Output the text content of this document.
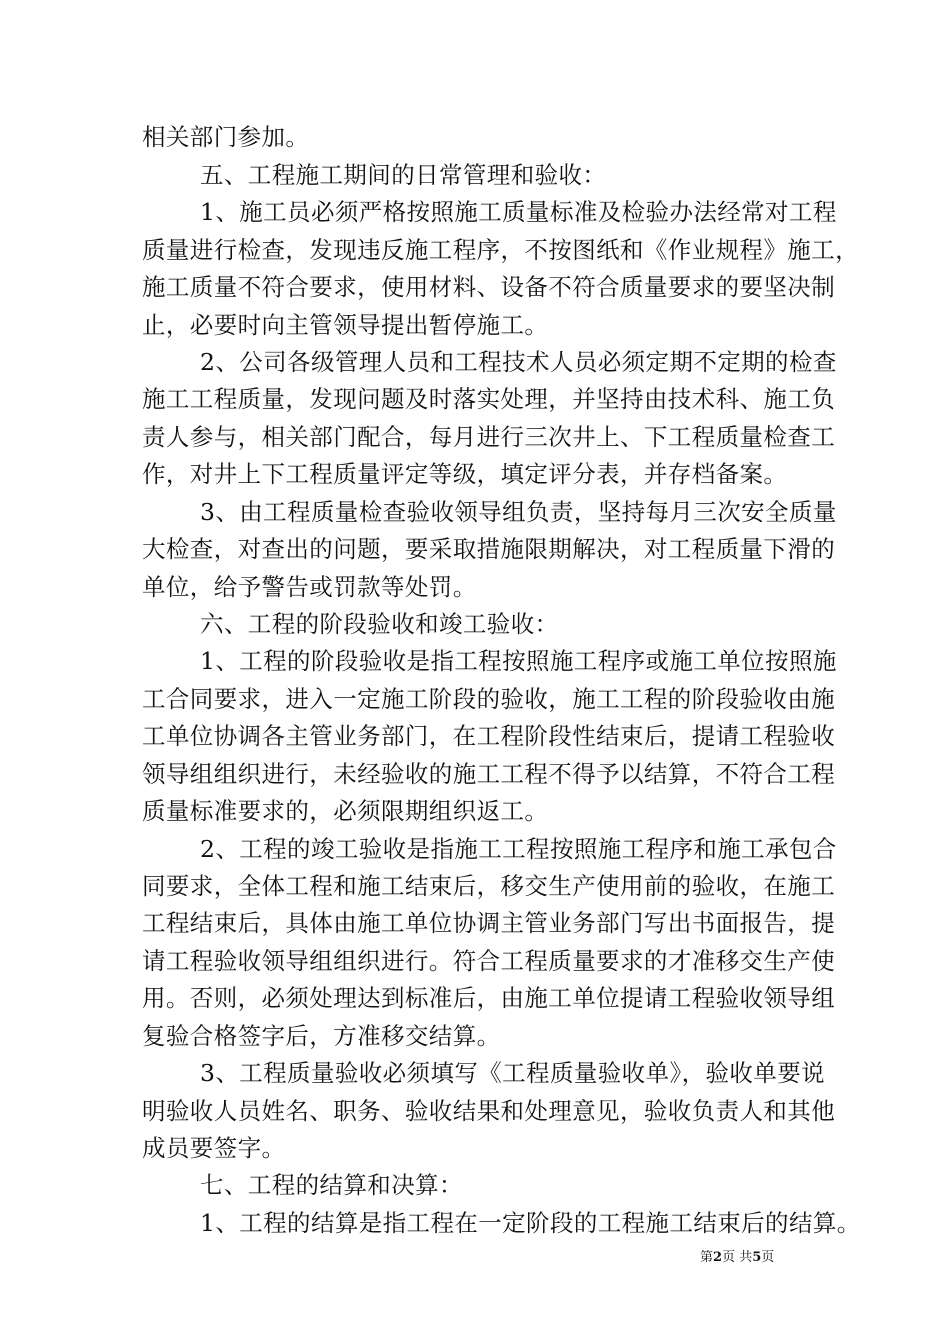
相关部门参加。
五、工程施工期间的日常管理和验收：
1、施工员必须严格按照施工质量标准及检验办法经常对工程
质量进行检查，发现违反施工程序，不按图纸和《作业规程》施工，
施工质量不符合要求，使用材料、设备不符合质量要求的要坚决制
止，必要时向主管领导提出暂停施工。
2、公司各级管理人员和工程技术人员必须定期不定期的检查
施工工程质量，发现问题及时落实处理，并坚持由技术科、施工负
责人参与，相关部门配合，每月进行三次井上、下工程质量检查工
作，对井上下工程质量评定等级，填定评分表，并存档备案。
3、由工程质量检查验收领导组负责，坚持每月三次安全质量
大检查，对查出的问题，要采取措施限期解决，对工程质量下滑的
单位，给予警告或罚款等处罚。
六、工程的阶段验收和竣工验收：
1、工程的阶段验收是指工程按照施工程序或施工单位按照施
工合同要求，进入一定施工阶段的验收，施工工程的阶段验收由施
工单位协调各主管业务部门，在工程阶段性结束后，提请工程验收
领导组组织进行，未经验收的施工工程不得予以结算，不符合工程
质量标准要求的，必须限期组织返工。
2、工程的竣工验收是指施工工程按照施工程序和施工承包合
同要求，全体工程和施工结束后，移交生产使用前的验收，在施工
工程结束后，具体由施工单位协调主管业务部门写出书面报告，提
请工程验收领导组组织进行。符合工程质量要求的才准移交生产使
用。否则，必须处理达到标准后，由施工单位提请工程验收领导组
复验合格签字后，方准移交结算。
3、工程质量验收必须填写《工程质量验收单》，验收单要说
明验收人员姓名、职务、验收结果和处理意见，验收负责人和其他
成员要签字。
七、工程的结算和决算：
1、工程的结算是指工程在一定阶段的工程施工结束后的结算。
第2页 共5页
